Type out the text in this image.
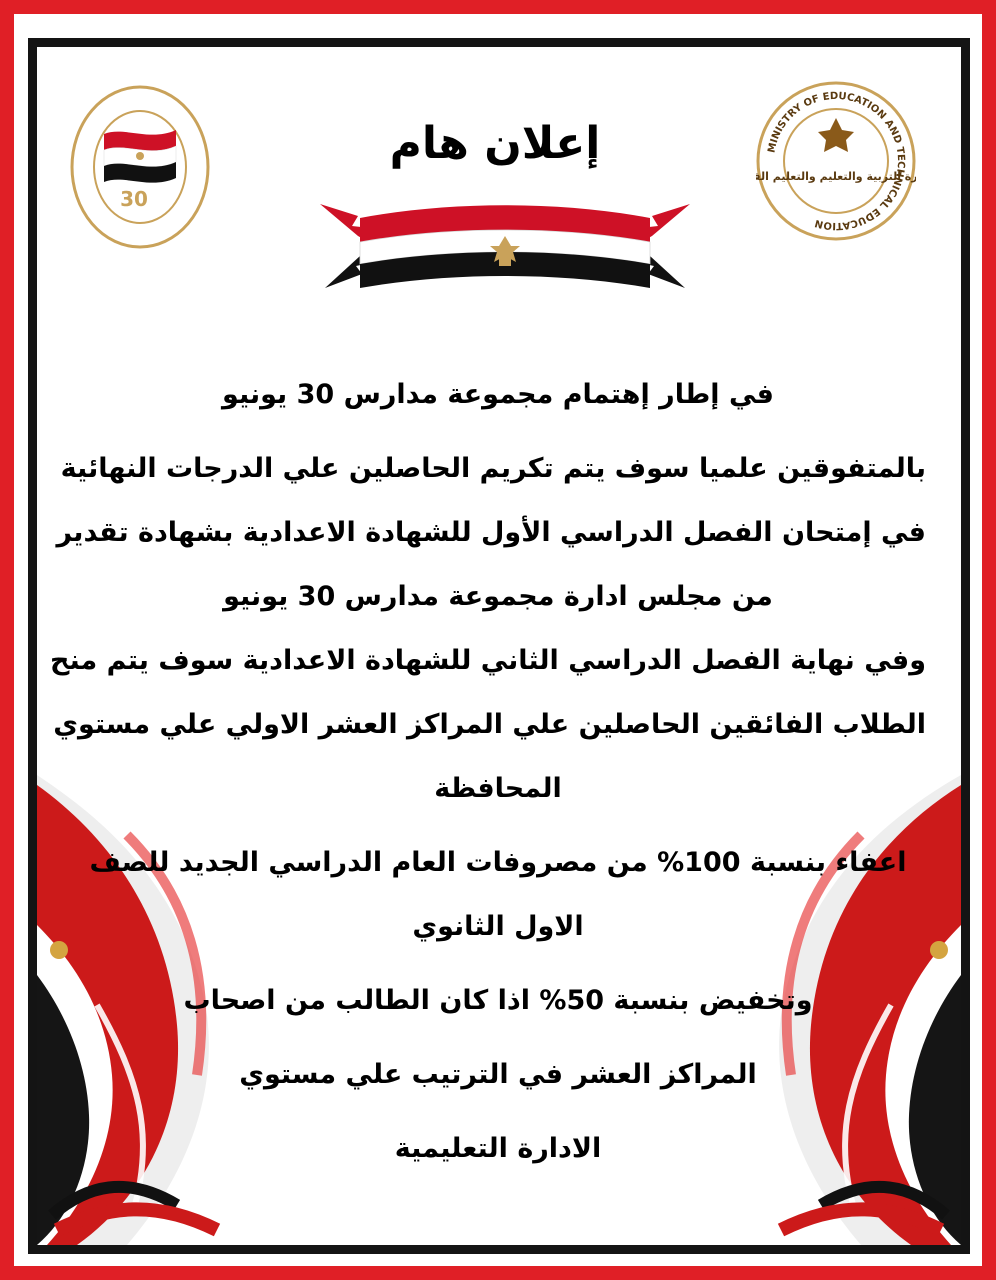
30
MINISTRY OF EDUCATION AND TECHNICAL EDUCATION
رة التربية والتعليم والتعليم ال
إعلان هام
في إطار إهتمام مجموعة مدارس 30 يونيو
بالمتفوقين علميا سوف يتم تكريم الحاصلين علي الدرجات النهائية
في إمتحان الفصل الدراسي الأول للشهادة الاعدادية بشهادة تقدير
من مجلس ادارة مجموعة مدارس 30 يونيو
وفي نهاية الفصل الدراسي الثاني للشهادة الاعدادية سوف يتم منح
الطلاب الفائقين الحاصلين علي المراكز العشر الاولي علي مستوي
المحافظة
اعفاء بنسبة 100% من مصروفات العام الدراسي الجديد للصف
الاول الثانوي
وتخفيض بنسبة 50% اذا كان الطالب من اصحاب
المراكز العشر في الترتيب علي مستوي
الادارة التعليمية
